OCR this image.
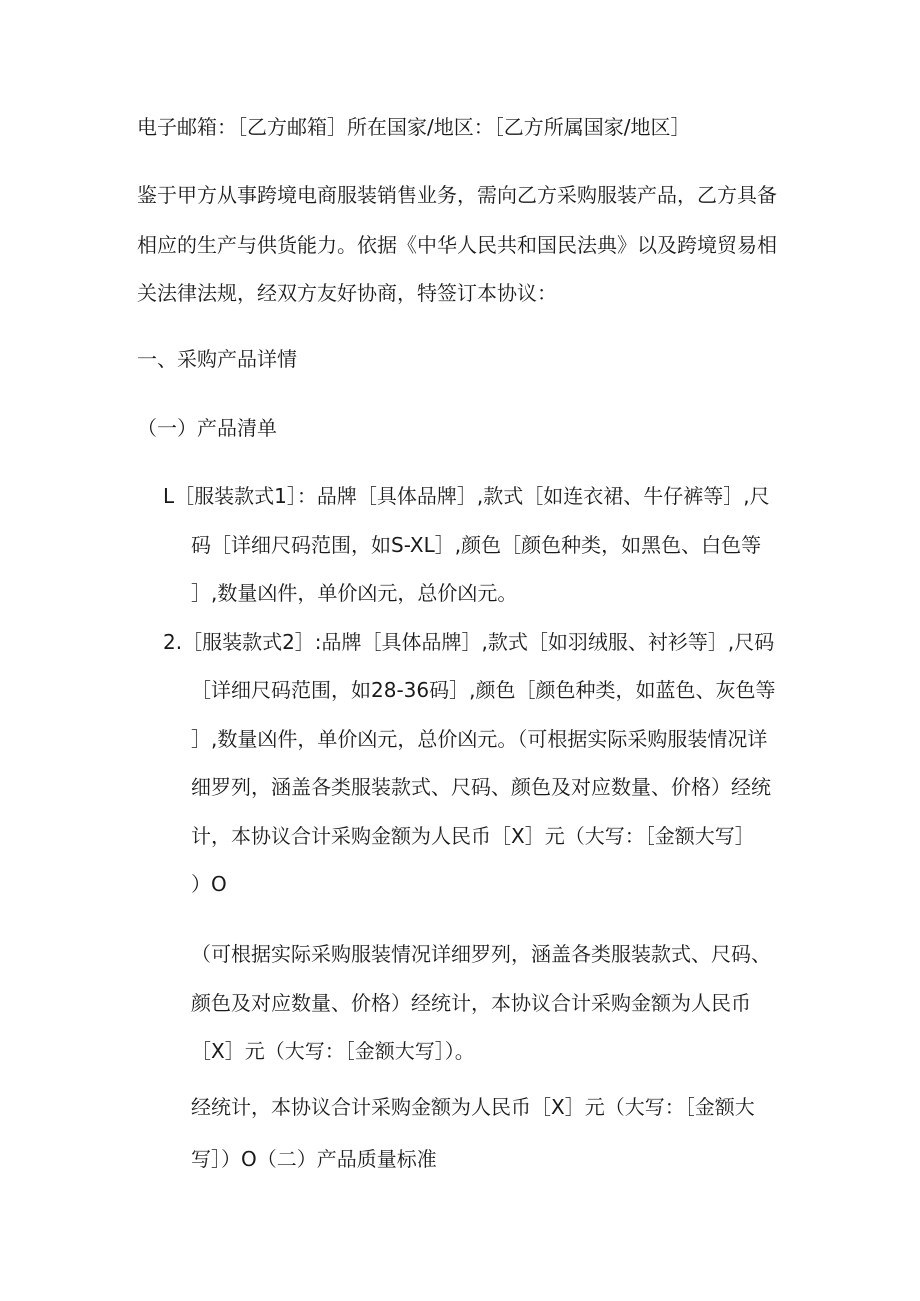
电子邮箱：［乙方邮箱］所在国家/地区：［乙方所属国家/地区］
鉴于甲方从事跨境电商服装销售业务，需向乙方采购服装产品，乙方具备
相应的生产与供货能力。依据《中华人民共和国民法典》以及跨境贸易相
关法律法规，经双方友好协商，特签订本协议：
一、采购产品详情
（一）产品清单
L［服装款式1］：品牌［具体品牌］,款式［如连衣裙、牛仔裤等］,尺
码［详细尺码范围，如S-XL］,颜色［颜色种类，如黑色、白色等
］,数量凶件，单价凶元，总价凶元。
2.［服装款式2］:品牌［具体品牌］,款式［如羽绒服、衬衫等］,尺码
［详细尺码范围，如28-36码］,颜色［颜色种类，如蓝色、灰色等
］,数量凶件，单价凶元，总价凶元。（可根据实际采购服装情况详
细罗列，涵盖各类服装款式、尺码、颜色及对应数量、价格）经统
计，本协议合计采购金额为人民币［X］元（大写：［金额大写］
）O
（可根据实际采购服装情况详细罗列，涵盖各类服装款式、尺码、
颜色及对应数量、价格）经统计，本协议合计采购金额为人民币
［X］元（大写：［金额大写］）。
经统计，本协议合计采购金额为人民币［X］元（大写：［金额大
写］）O（二）产品质量标准
